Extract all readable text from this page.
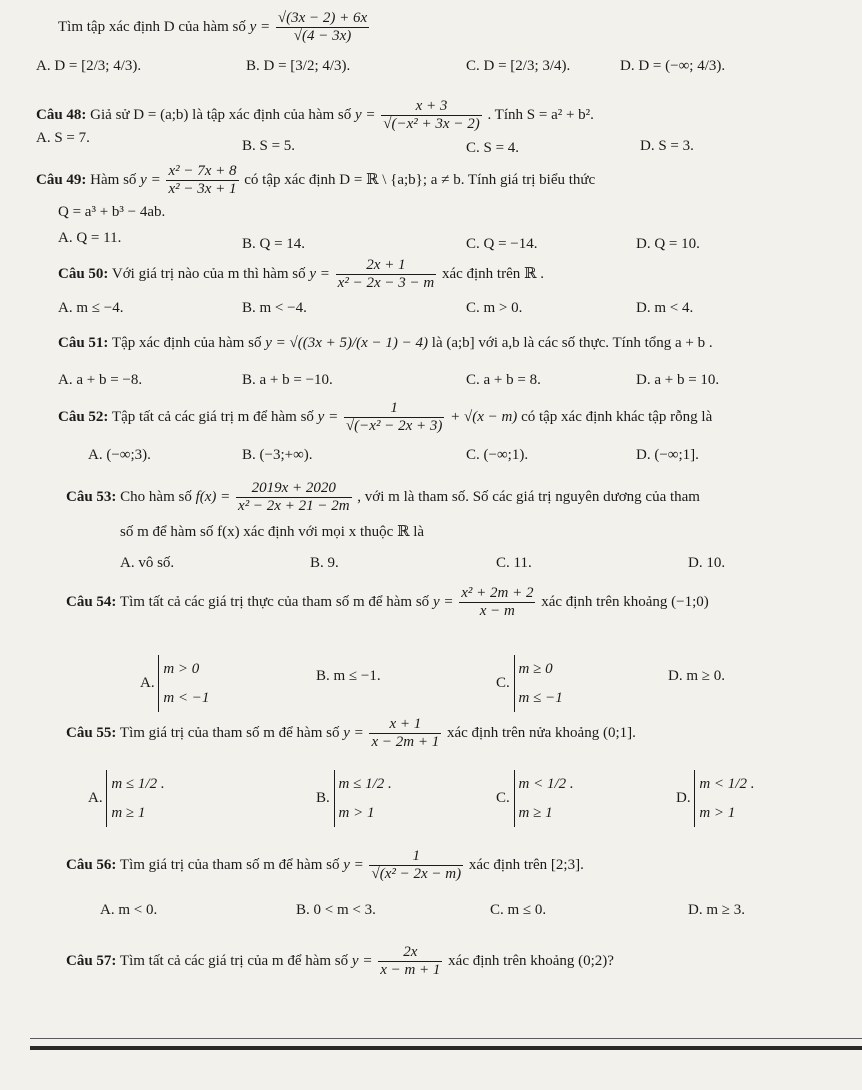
Tìm tập xác định D của hàm số $y = \frac{√(3x - 2) + 6x}{√(4 - 3x)}$
A. D = [2/3; 4/3).	B. D = [3/2; 4/3).	C. D = [2/3; 3/4).	D. D = (−∞; 4/3).
Câu 48: Giả sử D = (a;b) là tập xác định của hàm số $y = \frac{x + 3}{\text{√(−x² + 3x − 2)}}$ . Tính S = a² + b².
A. S = 7.	B. S = 5.	C. S = 4.	D. S = 3.
Câu 49: Hàm số $y = \frac{\text{x² − 7x + 8}}{\text{x² − 3x + 1}}$ có tập xác định D = ℝ \ {a;b}; a ≠ b. Tính giá trị biểu thức
Q = a³ + b³ − 4ab.
A. Q = 11.	B. Q = 14.	C. Q = −14.	D. Q = 10.
Câu 50: Với giá trị nào của m thì hàm số $y = \frac{2x + 1}{\text{x² − 2x − 3 − m}}$ xác định trên ℝ .
A. m ≤ −4.	B. m < −4.	C. m > 0.	D. m < 4.
Câu 51: Tập xác định của hàm số y = √((3x + 5)/(x − 1) − 4) là (a;b] với a,b là các số thực. Tính tổng a + b .
A. a + b = −8.	B. a + b = −10.	C. a + b = 8.	D. a + b = 10.
Câu 52: Tập tất cả các giá trị m để hàm số $y = \frac{1}{\text{√(−x² − 2x + 3)}} + √(x - m)$ có tập xác định khác tập rỗng là
A. (−∞;3).	B. (−3;+∞).	C. (−∞;1).	D. (−∞;1].
Câu 53: Cho hàm số $f(x) = \frac{2019x + 2020}{\text{x² − 2x + 21 − 2m}}$ , với m là tham số. Số các giá trị nguyên dương của tham
số m để hàm số f(x) xác định với mọi x thuộc ℝ là
A. vô số.	B. 9.	C. 11.	D. 10.
Câu 54: Tìm tất cả các giá trị thực của tham số m để hàm số $y = \frac{\text{x² + 2m + 2}}{x - m}$ xác định trên khoảng (−1;0)
A.
m > 0
m < −1
B. m ≤ −1.	C.
m ≥ 0
m ≤ −1
D. m ≥ 0.
Câu 55: Tìm giá trị của tham số m để hàm số $y = \frac{x + 1}{x - 2m + 1}$ xác định trên nửa khoảng (0;1].
A.
m ≤ 1/2 .
m ≥ 1
B.
m ≤ 1/2 .
m > 1
C.
m < 1/2 .
m ≥ 1
D.
m < 1/2 .
m > 1
Câu 56: Tìm giá trị của tham số m để hàm số $y = \frac{1}{\text{√(x² − 2x − m)}}$ xác định trên [2;3].
A. m < 0.	B. 0 < m < 3.	C. m ≤ 0.	D. m ≥ 3.
Câu 57: Tìm tất cả các giá trị của m để hàm số $y = \frac{2x}{x - m + 1}$ xác định trên khoảng (0;2)?
